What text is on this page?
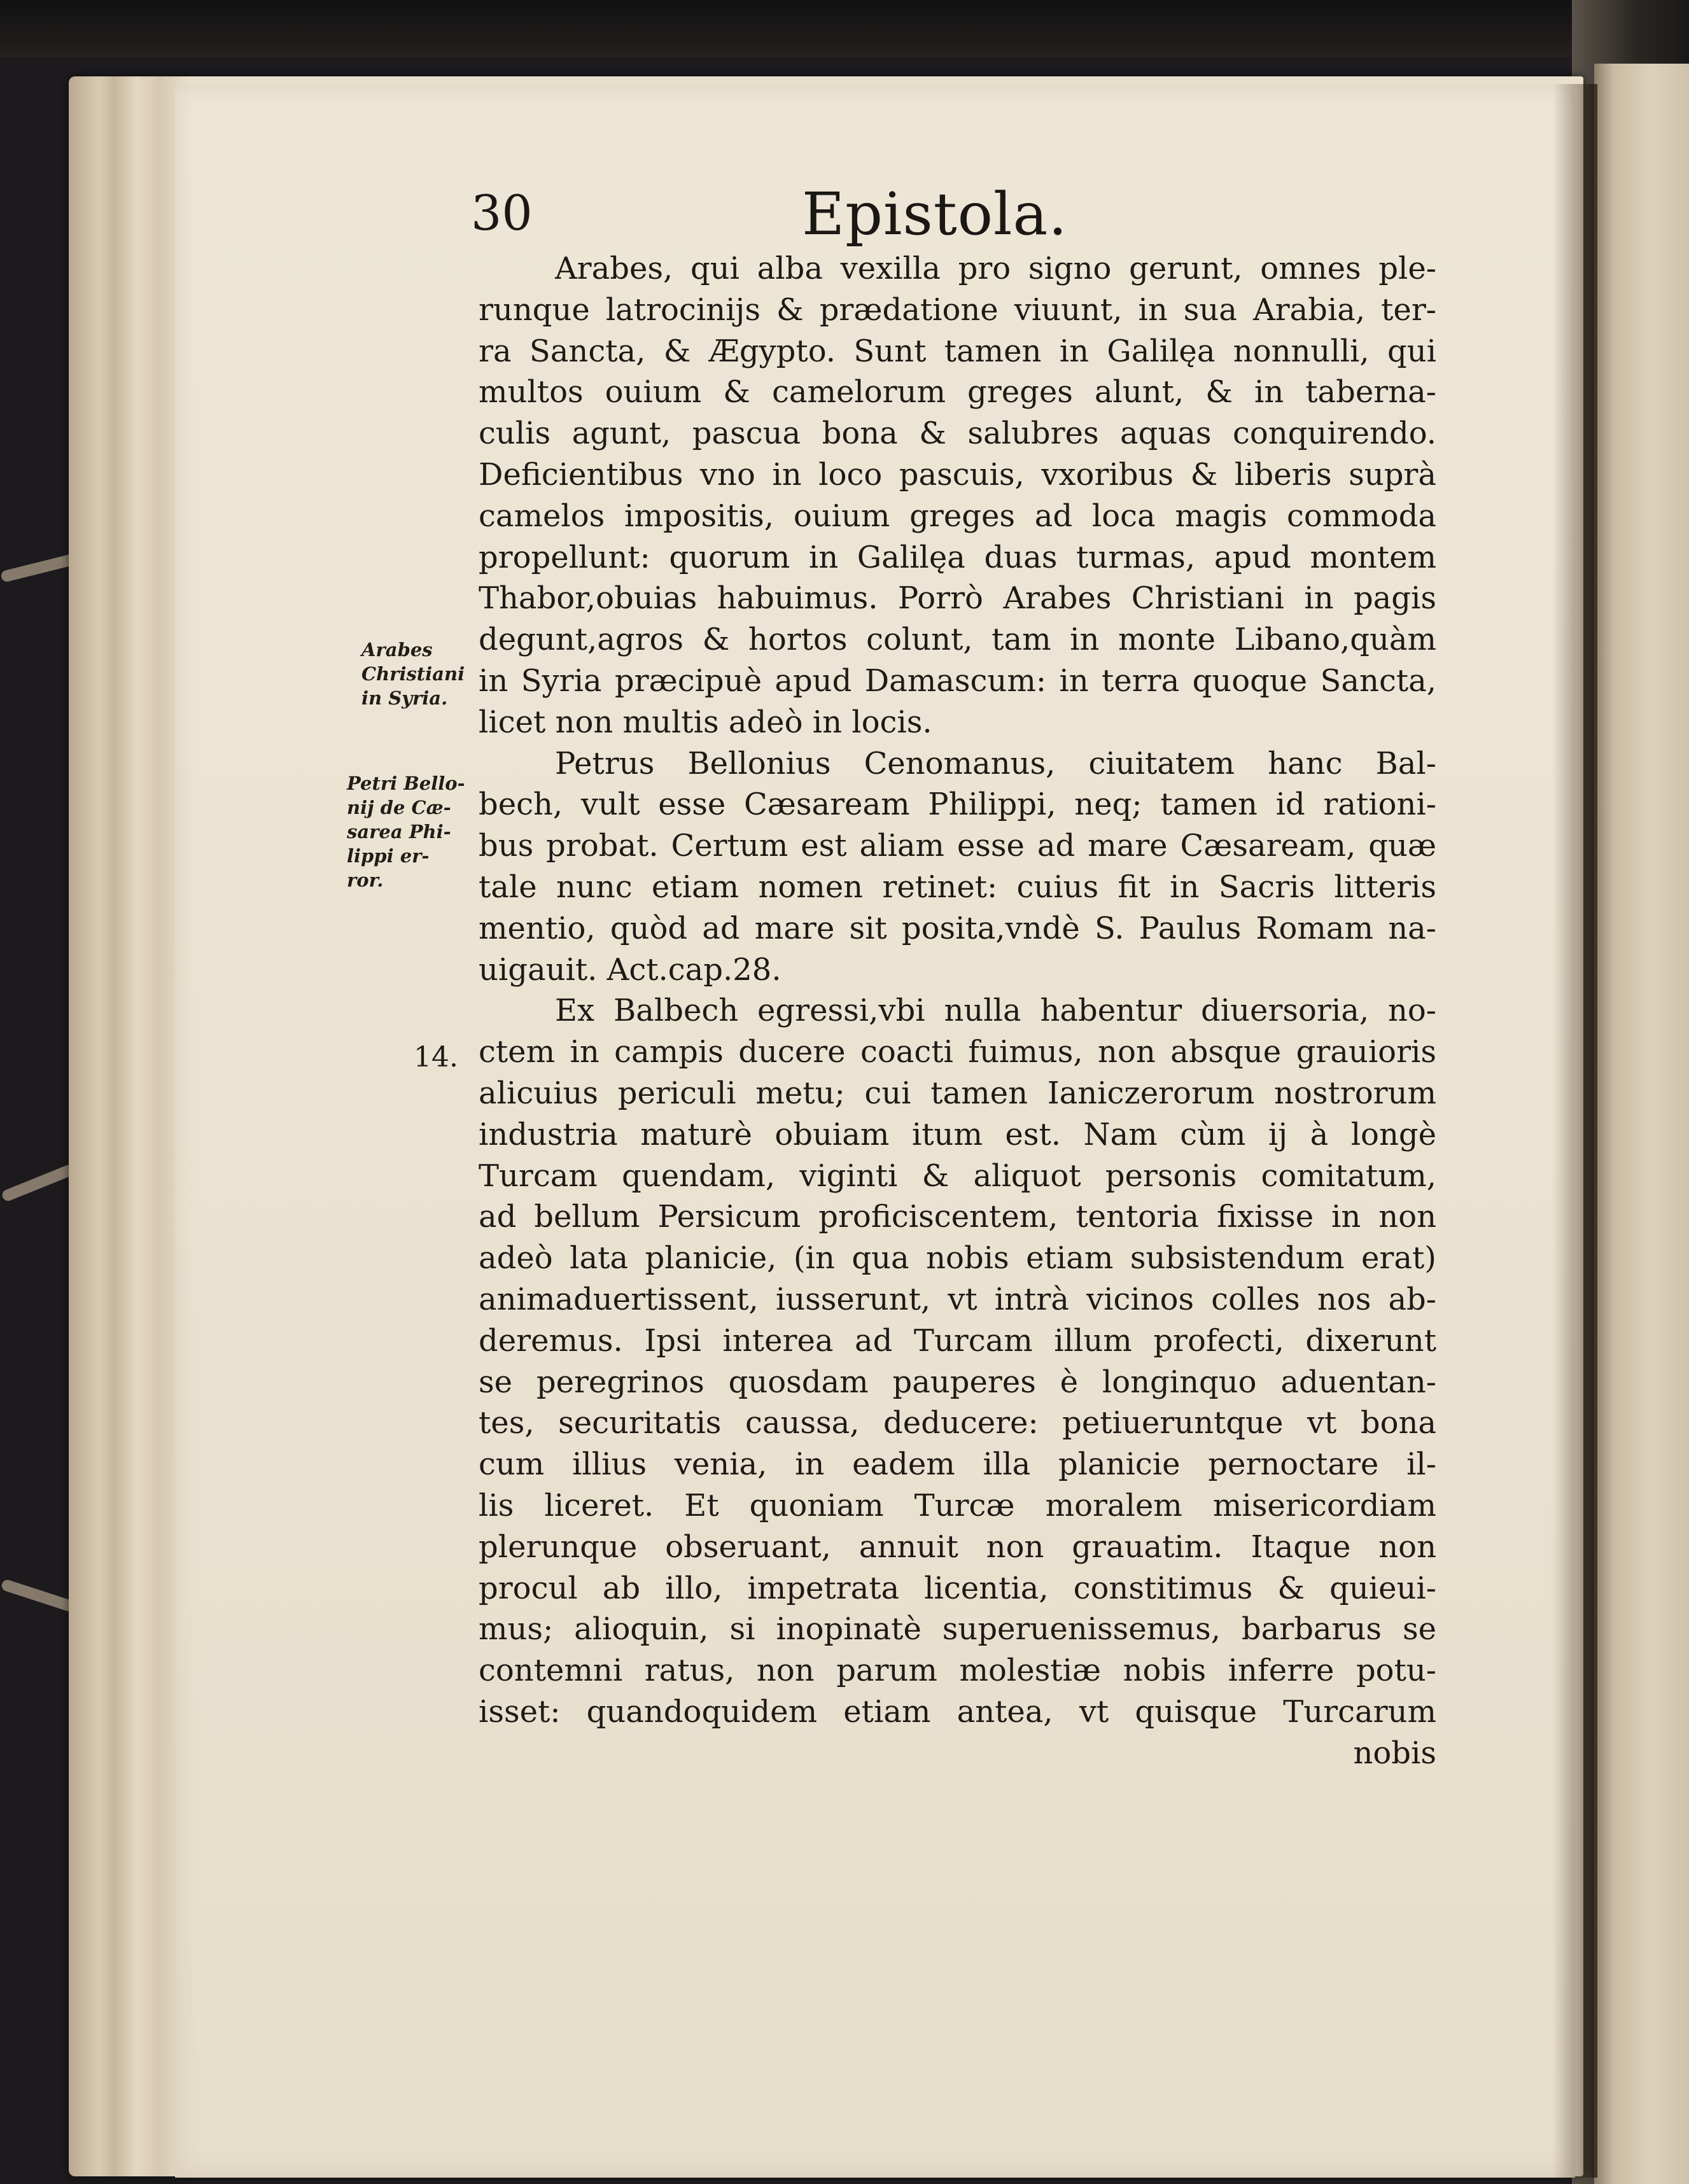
30	Epistola.
Arabes
Christiani
in Syria.
Petri Bello-
nij de Cæ-
sarea Phi-
lippi er-
ror.
14.
Arabes, qui alba vexilla pro signo gerunt, omnes ple-
runque latrocinijs & prædatione viuunt, in sua Arabia, ter-
ra Sancta, & Ægypto. Sunt tamen in Galilęa nonnulli, qui
multos ouium & camelorum greges alunt, & in taberna-
culis agunt, pascua bona & salubres aquas conquirendo.
Deficientibus vno in loco pascuis, vxoribus & liberis suprà
camelos impositis, ouium greges ad loca magis commoda
propellunt: quorum in Galilęa duas turmas, apud montem
Thabor,obuias habuimus. Porrò Arabes Christiani in pagis
degunt,agros & hortos colunt, tam in monte Libano,quàm
in Syria præcipuè apud Damascum: in terra quoque Sancta,
licet non multis adeò in locis.
Petrus Bellonius Cenomanus, ciuitatem hanc Bal-
bech, vult esse Cæsaream Philippi, neq; tamen id rationi-
bus probat. Certum est aliam esse ad mare Cæsaream, quæ
tale nunc etiam nomen retinet: cuius fit in Sacris litteris
mentio, quòd ad mare sit posita,vndè S. Paulus Romam na-
uigauit. Act.cap.28.
Ex Balbech egressi,vbi nulla habentur diuersoria, no-
ctem in campis ducere coacti fuimus, non absque grauioris
alicuius periculi metu; cui tamen Ianiczerorum nostrorum
industria maturè obuiam itum est. Nam cùm ij à longè
Turcam quendam, viginti & aliquot personis comitatum,
ad bellum Persicum proficiscentem, tentoria fixisse in non
adeò lata planicie, (in qua nobis etiam subsistendum erat)
animaduertissent, iusserunt, vt intrà vicinos colles nos ab-
deremus. Ipsi interea ad Turcam illum profecti, dixerunt
se peregrinos quosdam pauperes è longinquo aduentan-
tes, securitatis caussa, deducere: petiueruntque vt bona
cum illius venia, in eadem illa planicie pernoctare il-
lis liceret. Et quoniam Turcæ moralem misericordiam
plerunque obseruant, annuit non grauatim. Itaque non
procul ab illo, impetrata licentia, constitimus & quieui-
mus; alioquin, si inopinatè superuenissemus, barbarus se
contemni ratus, non parum molestiæ nobis inferre potu-
isset: quandoquidem etiam antea, vt quisque Turcarum
nobis
